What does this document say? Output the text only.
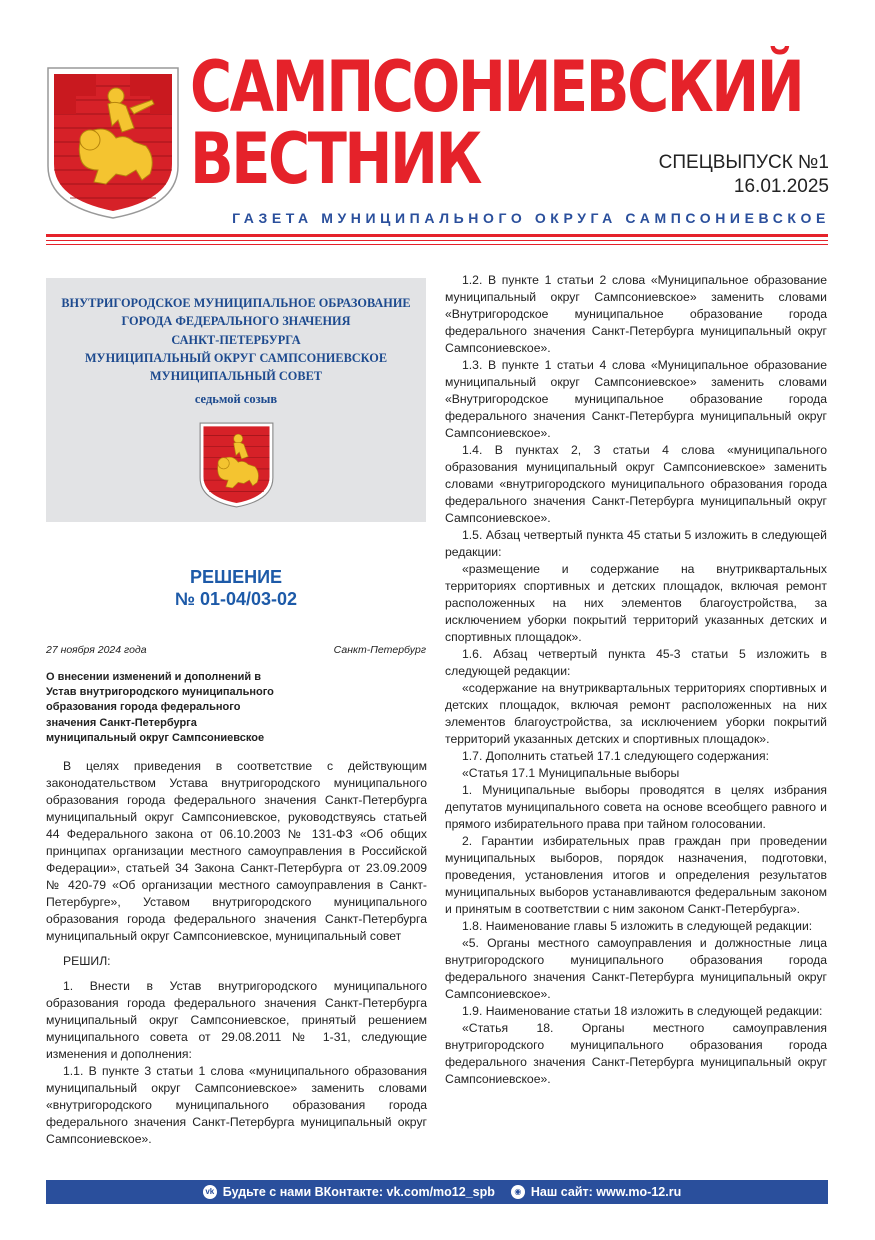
САМПСОНИЕВСКИЙ
ВЕСТНИК	СПЕЦВЫПУСК №1
16.01.2025
ГАЗЕТА МУНИЦИПАЛЬНОГО ОКРУГА САМПСОНИЕВСКОЕ
ВНУТРИГОРОДСКОЕ МУНИЦИПАЛЬНОЕ ОБРАЗОВАНИЕ
ГОРОДА ФЕДЕРАЛЬНОГО ЗНАЧЕНИЯ
САНКТ-ПЕТЕРБУРГА
МУНИЦИПАЛЬНЫЙ ОКРУГ САМПСОНИЕВСКОЕ
МУНИЦИПАЛЬНЫЙ СОВЕТ
седьмой созыв
РЕШЕНИЕ
№ 01-04/03-02
27 ноября 2024 года	Санкт-Петербург
О внесении изменений и дополнений в Устав внутригородского муниципального образования города федерального значения Санкт-Петербурга муниципальный округ Сампсониевское

В целях приведения в соответствие с действующим законодательством Устава внутригородского муниципального образования города федерального значения Санкт-Петербурга муниципальный округ Сампсониевское, руководствуясь статьей 44 Федерального закона от 06.10.2003 № 131-ФЗ «Об общих принципах организации местного самоуправления в Российской Федерации», статьей 34 Закона Санкт-Петербурга от 23.09.2009 № 420-79 «Об организации местного самоуправления в Санкт-Петербурге», Уставом внутригородского муниципального образования города федерального значения Санкт-Петербурга муниципальный округ Сампсониевское, муниципальный совет

РЕШИЛ:

1. Внести в Устав внутригородского муниципального образования города федерального значения Санкт-Петербурга муниципальный округ Сампсониевское, принятый решением муниципального совета от 29.08.2011 № 1-31, следующие изменения и дополнения:

1.1. В пункте 3 статьи 1 слова «муниципального образования муниципальный округ Сампсониевское» заменить словами «внутригородского муниципального образования города федерального значения Санкт-Петербурга муниципальный округ Сампсониевское».

1.2. В пункте 1 статьи 2 слова «Муниципальное образование муниципальный округ Сампсониевское» заменить словами «Внутригородское муниципальное образование города федерального значения Санкт-Петербурга муниципальный округ Сампсониевское».

1.3. В пункте 1 статьи 4 слова «Муниципальное образование муниципальный округ Сампсониевское» заменить словами «Внутригородское муниципальное образование города федерального значения Санкт-Петербурга муниципальный округ Сампсониевское».

1.4. В пунктах 2, 3 статьи 4 слова «муниципального образования муниципальный округ Сампсониевское» заменить словами «внутригородского муниципального образования города федерального значения Санкт-Петербурга муниципальный округ Сампсониевское».

1.5. Абзац четвертый пункта 45 статьи 5 изложить в следующей редакции:

«размещение и содержание на внутриквартальных территориях спортивных и детских площадок, включая ремонт расположенных на них элементов благоустройства, за исключением уборки покрытий территорий указанных детских и спортивных площадок».

1.6. Абзац четвертый пункта 45-3 статьи 5 изложить в следующей редакции:

«содержание на внутриквартальных территориях спортивных и детских площадок, включая ремонт расположенных на них элементов благоустройства, за исключением уборки покрытий территорий указанных детских и спортивных площадок».

1.7. Дополнить статьей 17.1 следующего содержания:

«Статья 17.1 Муниципальные выборы

1. Муниципальные выборы проводятся в целях избрания депутатов муниципального совета на основе всеобщего равного и прямого избирательного права при тайном голосовании.

2. Гарантии избирательных прав граждан при проведении муниципальных выборов, порядок назначения, подготовки, проведения, установления итогов и определения результатов муниципальных выборов устанавливаются федеральным законом и принятым в соответствии с ним законом Санкт-Петербурга».

1.8. Наименование главы 5 изложить в следующей редакции:

«5. Органы местного самоуправления и должностные лица внутригородского муниципального образования города федерального значения Санкт-Петербурга муниципальный округ Сампсониевское».

1.9. Наименование статьи 18 изложить в следующей редакции:

«Статья 18. Органы местного самоуправления внутригородского муниципального образования города федерального значения Санкт-Петербурга муниципальный округ Сампсониевское».

vk Будьте с нами ВКонтакте: vk.com/mo12_spb	◉ Наш сайт: www.mo-12.ru
